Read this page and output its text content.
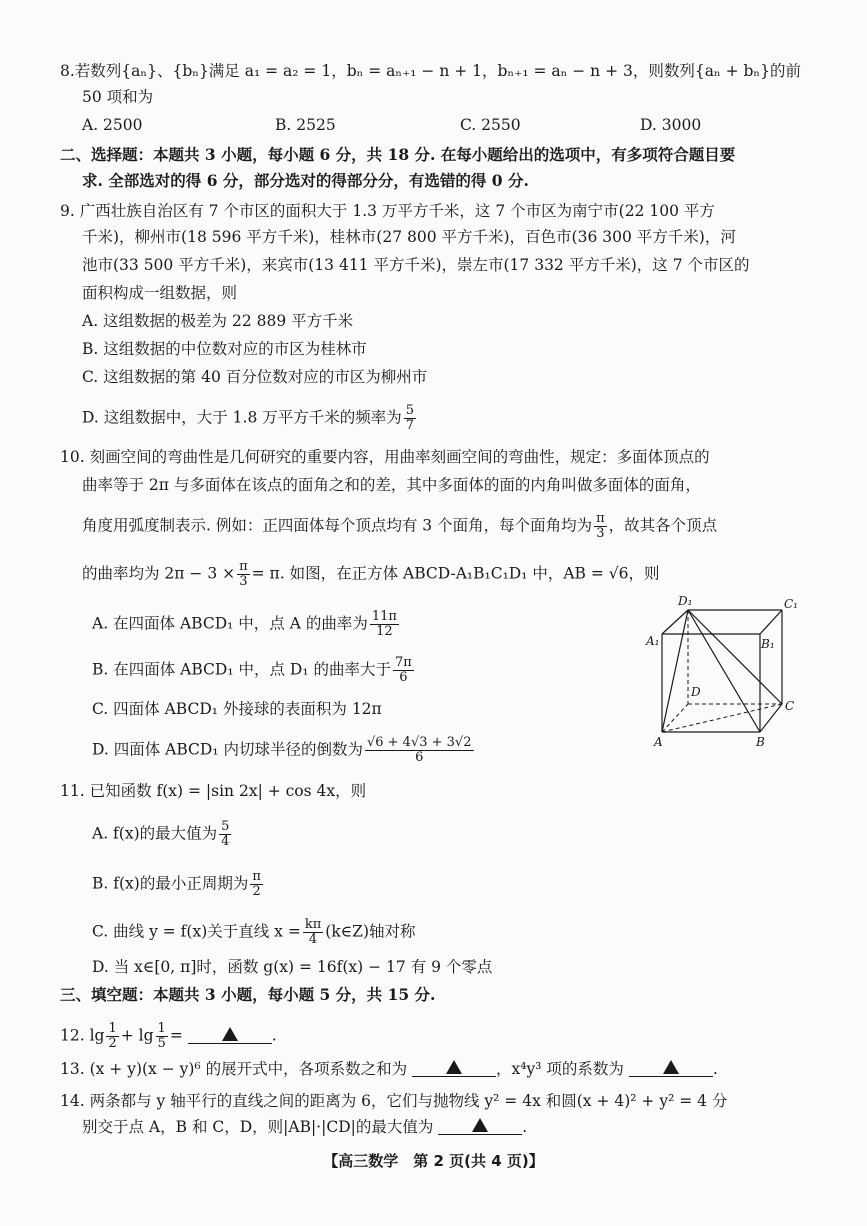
8.若数列{aₙ}、{bₙ}满足 a₁ = a₂ = 1，bₙ = aₙ₊₁ − n + 1，bₙ₊₁ = aₙ − n + 3，则数列{aₙ + bₙ}的前
50 项和为
A. 2500	B. 2525	C. 2550	D. 3000
二、选择题：本题共 3 小题，每小题 6 分，共 18 分. 在每小题给出的选项中，有多项符合题目要
求. 全部选对的得 6 分，部分选对的得部分分，有选错的得 0 分.
9. 广西壮族自治区有 7 个市区的面积大于 1.3 万平方千米，这 7 个市区为南宁市(22 100 平方
千米)，柳州市(18 596 平方千米)，桂林市(27 800 平方千米)，百色市(36 300 平方千米)，河
池市(33 500 平方千米)，来宾市(13 411 平方千米)，崇左市(17 332 平方千米)，这 7 个市区的
面积构成一组数据，则
A. 这组数据的极差为 22 889 平方千米
B. 这组数据的中位数对应的市区为桂林市
C. 这组数据的第 40 百分位数对应的市区为柳州市
D. 这组数据中，大于 1.8 万平方千米的频率为 $\frac{5}{7}$
10. 刻画空间的弯曲性是几何研究的重要内容，用曲率刻画空间的弯曲性，规定：多面体顶点的
曲率等于 2π 与多面体在该点的面角之和的差，其中多面体的面的内角叫做多面体的面角，
角度用弧度制表示. 例如：正四面体每个顶点均有 3 个面角，每个面角均为 $\frac{\pi}{3}$ ，故其各个顶点
的曲率均为 $2\pi - 3 \times \frac{\pi}{3} = \pi$. 如图，在正方体 ABCD-A₁B₁C₁D₁ 中，AB = √6，则
A. 在四面体 ABCD₁ 中，点 A 的曲率为 $\frac{11\pi}{12}$
B. 在四面体 ABCD₁ 中，点 D₁ 的曲率大于 $\frac{7\pi}{6}$
C. 四面体 ABCD₁ 外接球的表面积为 12π
D. 四面体 ABCD₁ 内切球半径的倒数为 $\frac{√6 + 4√3 + 3√2}{6}$
D₁	C₁
A₁	B₁
D
C
A	B
11. 已知函数 f(x) = |sin 2x| + cos 4x，则
A. f(x)的最大值为 $\frac{5}{4}$
B. f(x)的最小正周期为 $\frac{\pi}{2}$
C. 曲线 y = f(x)关于直线 $x = \frac{k\pi}{4}$ (k∈Z)轴对称
D. 当 x∈[0, π]时，函数 g(x) = 16f(x) − 17 有 9 个零点
三、填空题：本题共 3 小题，每小题 5 分，共 15 分.
12. $\lg \frac{1}{2} + \lg \frac{1}{5}$ =	.
13. (x + y)(x − y)⁶ 的展开式中，各项系数之和为	，x⁴y³ 项的系数为	.
14. 两条都与 y 轴平行的直线之间的距离为 6，它们与抛物线 y² = 4x 和圆(x + 4)² + y² = 4 分
别交于点 A，B 和 C，D，则|AB|·|CD|的最大值为	.
【高三数学　第 2 页(共 4 页)】
